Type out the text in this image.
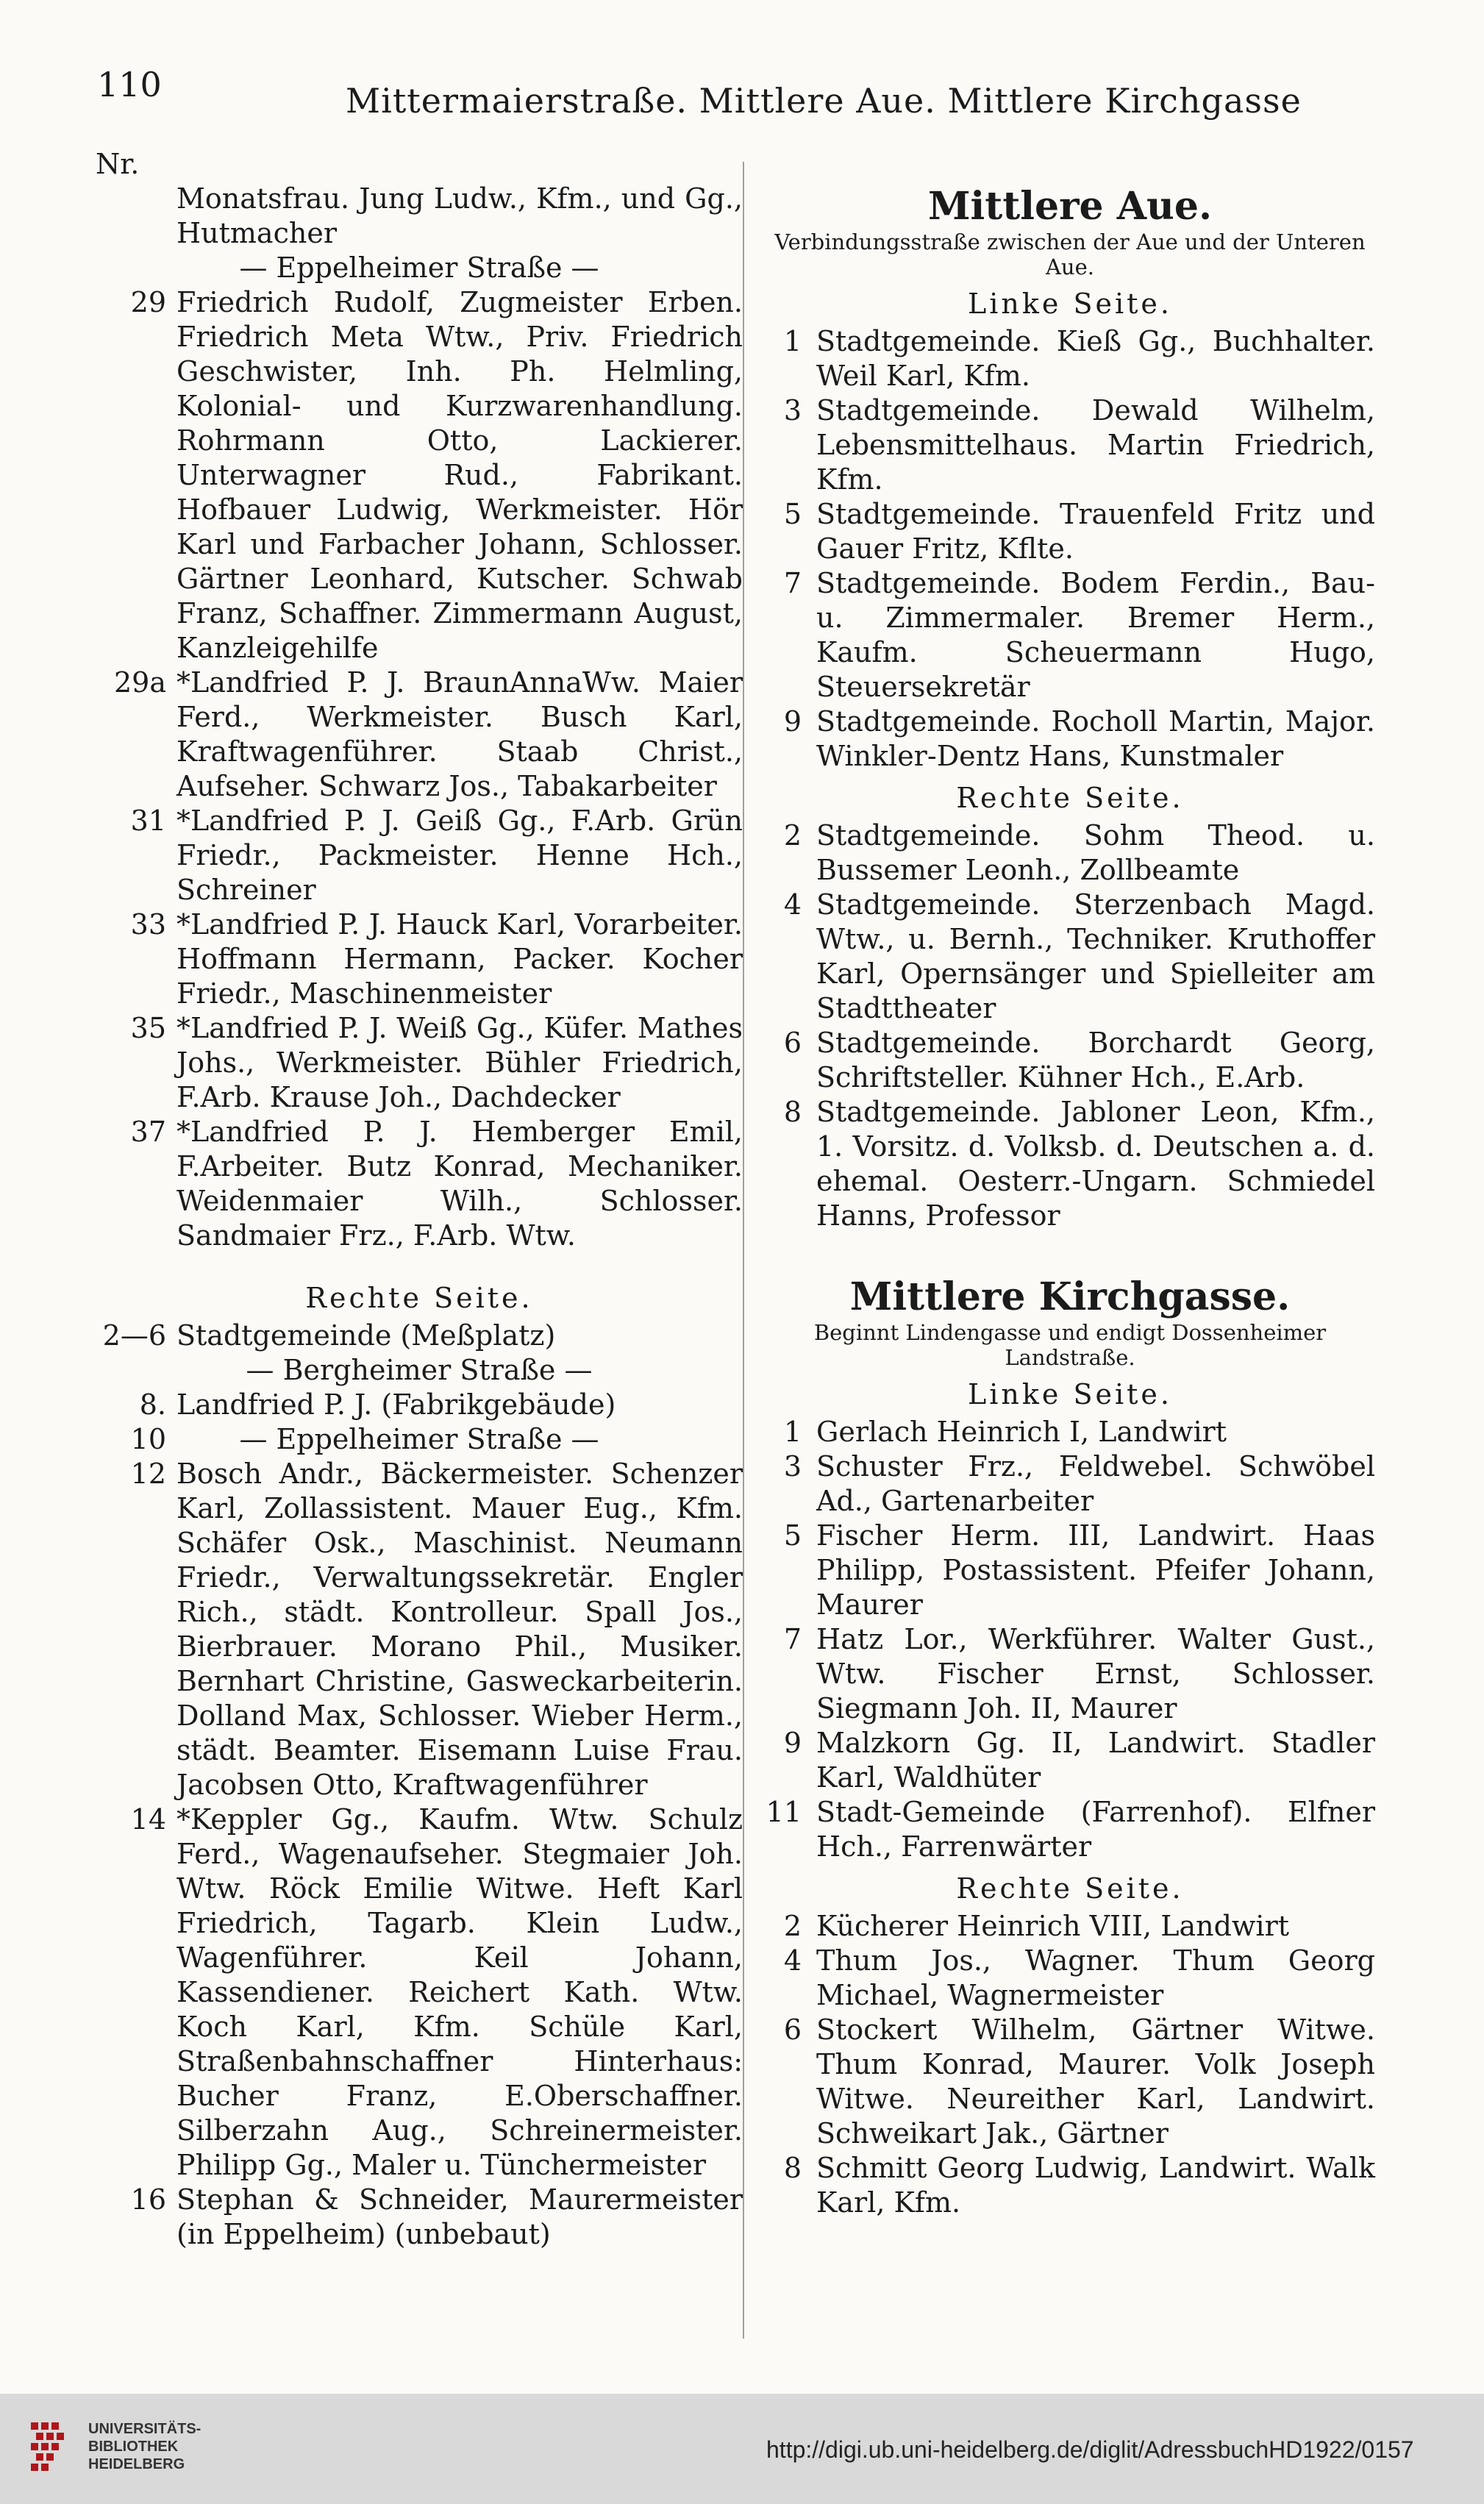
110	Mittermaierstraße. Mittlere Aue. Mittlere Kirchgasse
Nr.
Monatsfrau. Jung Ludw., Kfm., und Gg., Hutmacher
— Eppelheimer Straße —
29 Friedrich Rudolf, Zugmeister Erben. Friedrich Meta Wtw., Priv. Friedrich Geschwister, Inh. Ph. Helmling, Kolonial- und Kurzwarenhandlung. Rohrmann Otto, Lackierer. Unterwagner Rud., Fabrikant. Hofbauer Ludwig, Werkmeister. Hör Karl und Farbacher Johann, Schlosser. Gärtner Leonhard, Kutscher. Schwab Franz, Schaffner. Zimmermann August, Kanzleigehilfe
29a *Landfried P. J. BraunAnnaWw. Maier Ferd., Werkmeister. Busch Karl, Kraftwagenführer. Staab Christ., Aufseher. Schwarz Jos., Tabakarbeiter
31 *Landfried P. J. Geiß Gg., F.Arb. Grün Friedr., Packmeister. Henne Hch., Schreiner
33 *Landfried P. J. Hauck Karl, Vorarbeiter. Hoffmann Hermann, Packer. Kocher Friedr., Maschinenmeister
35 *Landfried P. J. Weiß Gg., Küfer. Mathes Johs., Werkmeister. Bühler Friedrich, F.Arb. Krause Joh., Dachdecker
37 *Landfried P. J. Hemberger Emil, F.Arbeiter. Butz Konrad, Mechaniker. Weidenmaier Wilh., Schlosser. Sandmaier Frz., F.Arb. Wtw.
Rechte Seite.
2—6 Stadtgemeinde (Meßplatz)
— Bergheimer Straße —
8. 10
Landfried P. J. (Fabrikgebäude)
— Eppelheimer Straße —
12 Bosch Andr., Bäckermeister. Schenzer Karl, Zollassistent. Mauer Eug., Kfm. Schäfer Osk., Maschinist. Neumann Friedr., Verwaltungssekretär. Engler Rich., städt. Kontrolleur. Spall Jos., Bierbrauer. Morano Phil., Musiker. Bernhart Christine, Gasweckarbeiterin. Dolland Max, Schlosser. Wieber Herm., städt. Beamter. Eisemann Luise Frau. Jacobsen Otto, Kraftwagenführer
14 *Keppler Gg., Kaufm. Wtw. Schulz Ferd., Wagenaufseher. Stegmaier Joh. Wtw. Röck Emilie Witwe. Heft Karl Friedrich, Tagarb. Klein Ludw., Wagenführer. Keil Johann, Kassendiener. Reichert Kath. Wtw. Koch Karl, Kfm. Schüle Karl, Straßenbahnschaffner Hinterhaus: Bucher Franz, E.Oberschaffner. Silberzahn Aug., Schreinermeister. Philipp Gg., Maler u. Tünchermeister
16 Stephan & Schneider, Maurermeister (in Eppelheim) (unbebaut)
Mittlere Aue.
Verbindungsstraße zwischen der Aue und der Unteren Aue.
Linke Seite.
1 Stadtgemeinde. Kieß Gg., Buchhalter. Weil Karl, Kfm.
3 Stadtgemeinde. Dewald Wilhelm, Lebensmittelhaus. Martin Friedrich, Kfm.
5 Stadtgemeinde. Trauenfeld Fritz und Gauer Fritz, Kflte.
7 Stadtgemeinde. Bodem Ferdin., Bau- u. Zimmermaler. Bremer Herm., Kaufm. Scheuermann Hugo, Steuersekretär
9 Stadtgemeinde. Rocholl Martin, Major. Winkler-Dentz Hans, Kunstmaler
Rechte Seite.
2 Stadtgemeinde. Sohm Theod. u. Bussemer Leonh., Zollbeamte
4 Stadtgemeinde. Sterzenbach Magd. Wtw., u. Bernh., Techniker. Kruthoffer Karl, Opernsänger und Spielleiter am Stadttheater
6 Stadtgemeinde. Borchardt Georg, Schriftsteller. Kühner Hch., E.Arb.
8 Stadtgemeinde. Jabloner Leon, Kfm., 1. Vorsitz. d. Volksb. d. Deutschen a. d. ehemal. Oesterr.-Ungarn. Schmiedel Hanns, Professor
Mittlere Kirchgasse.
Beginnt Lindengasse und endigt Dossenheimer Landstraße.
Linke Seite.
1 Gerlach Heinrich I, Landwirt
3 Schuster Frz., Feldwebel. Schwöbel Ad., Gartenarbeiter
5 Fischer Herm. III, Landwirt. Haas Philipp, Postassistent. Pfeifer Johann, Maurer
7 Hatz Lor., Werkführer. Walter Gust., Wtw. Fischer Ernst, Schlosser. Siegmann Joh. II, Maurer
9 Malzkorn Gg. II, Landwirt. Stadler Karl, Waldhüter
11 Stadt-Gemeinde (Farrenhof). Elfner Hch., Farrenwärter
Rechte Seite.
2 Kücherer Heinrich VIII, Landwirt
4 Thum Jos., Wagner. Thum Georg Michael, Wagnermeister
6 Stockert Wilhelm, Gärtner Witwe. Thum Konrad, Maurer. Volk Joseph Witwe. Neureither Karl, Landwirt. Schweikart Jak., Gärtner
8 Schmitt Georg Ludwig, Landwirt. Walk Karl, Kfm.
UNIVERSITÄTS-
BIBLIOTHEK
HEIDELBERG
http://digi.ub.uni-heidelberg.de/diglit/AdressbuchHD1922/0157
